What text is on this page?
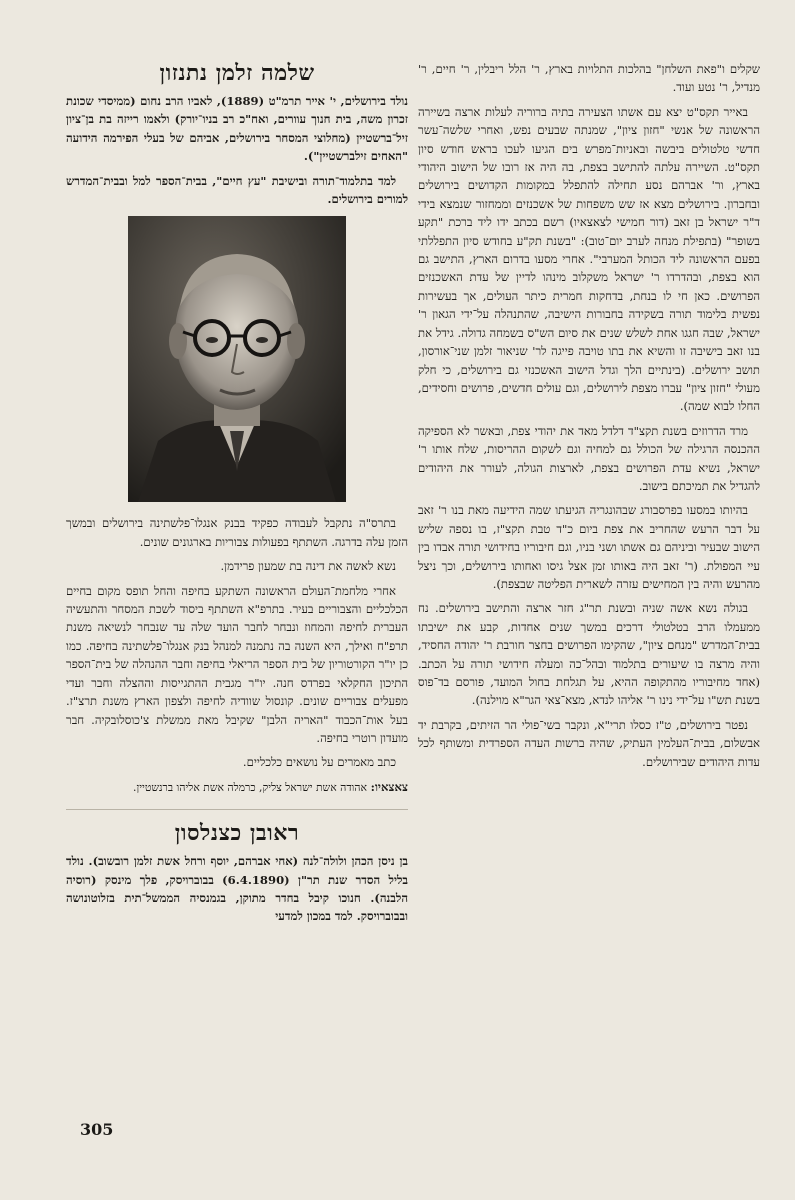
שקלים ו"פאת השלחן" בהלכות התלויות בארץ, ר' הלל ריבלין, ר' חיים, ר' מנדיל, ר' נטע ועוד.

באייר תקס"ט יצא עם אשתו הצעירה בתיה ברוריה לעלות ארצה בשיירה הראשונה של אנשי "חזון ציון", שמנתה שבעים נפש, ואחרי שלשה־עשר חדשי טלטולים ביבשה ובאניות־מפרש בים הגיעו לעכו בראש חודש סיון תקס"ט. השיירה עלתה להתישב בצפת, בה היה אז רובו של הישוב היהודי בארץ, ור' אברהם נסע תחילה להתפלל במקומות הקדושים בירושלים ובחברון. בירושלים מצא אז שש משפחות של אשכנזים וממחזור שנמצא בידי ד"ר ישראל בן זאב (דור חמישי לצאצאיו) רשם בכתב ידו ליד ברכת "תקע בשופר" (בתפילת מנחה לערב יום־טוב): "בשנת תק"ע בחודש סיון התפללתי בפעם הראשונה ליד הכותל המערבי". אחרי מסעו בדרום הארץ, התישב גם הוא בצפת, ובהדרדו ר' ישראל משקלוב מינהו לדיין של עדת האשכנזים הפרושים. כאן חי לו בנחת, בדחקות חמרית כיתר העולים, אך בעשירות נפשית בלימוד תורה בשקידה בחבורות הישיבה, שהתנהלה על־ידי הגאון ר' ישראל, שבה חגגו אחת לשלש שנים את סיום הש"ס בשמחה גדולה. גידל את בנו זאב בישיבה זו והשיא את בתו טויבה פייגה לר' שניאור זלמן שני־אורסון, תושב ירושלים. (בינתיים הלך וגדל הישוב האשכנזי גם בירושלים, כי חלק מעולי "חזון ציון" עברו מצפת לירושלים, וגם עולים חדשים, פרושים וחסידים, החלו לבוא שמה).

מרד הדרוזים בשנת תקצ"ד דלדל מאד את יהודי צפת, ובאשר לא הספיקה ההכנסה הרגילה של הכולל גם למחיה וגם לשקום ההריסות, שלח אותו ר' ישראל, נשיא עדת הפרושים בצפת, לארצות הגולה, לעורר את היהודים להגדיל את תמיכתם בישוב.

בהיותו במסעו בפרסבורג שבהונגריה הגיעתו שמה הידיעה מאת בנו ר' זאב על דבר הרעש שהחריב את צפת ביום כ"ד טבת תקצ"ז, בו נספה שליש הישוב שבעיר וביניהם גם אשתו ושני בניו, וגם חיבוריו בחידושי תורה אבדו בין עיי המפולת. (ר' זאב היה באותו זמן אצל גיסו ואחותו בירושלים, וכך ניצל מהרעש והיה בין המחישים עזרה לשארית הפליטה שבצפת).

בגולה נשא אשה שניה ובשנת תר"ג חזר ארצה והתישב בירושלים. נח ממעמלו הרב בטלטולי דרכים במשך שנים אחדות, קבע את ישיבתו בבית־המדרש "מנחם ציון", שהקימו הפרושים בחצר חורבת ר' יהודה החסיד, והיה מרצה בו שיעורים בתלמוד ובהל־כה ומעלה חידושי תורה על הכתב. (אחד מחיבוריו מהתקופה ההיא, על תגלחת בחול המועד, פורסם בד־פוס בשנת תש"ו על־ידי נינו ר' אליהו לנדא, מצא־צאי הגר"א מוילנה).

נפטר בירושלים, ט"ז כסלו תרי"א, ונקבר בשי־פולי הר הזיתים, בקרבת יד אבשלום, בבית־העלמין העתיק, שהיה ברשות העדה הספרדית ומשותף לכל עדות היהודים שבירושלים.

שלמה זלמן נתנזון

נולד בירושלים, י' אייר תרמ"ט (1889), לאביו הרב נחום (ממיסדי שכונת זכרון משה, בית חנוך עוורים, ואח"כ רב בניו־יורק) ולאמו רייזה בת בן־ציון זיל־ברשטיין (מחלוצי המסחר בירושלים, אביהם של בעלי הפירמה הידועה "האחים זילברשטיין").

למד בתלמוד־תורה ובישיבת "עץ חיים", בבית־הספר למל ובבית־המדרש למורים בירושלים.

בתרס"ה נתקבל לעבודה כפקיד בבנק אנגלו־פלשתינה בירושלים ובמשך הזמן עלה בדרגה. השתתף בפעולות צבוריות בארגונים שונים.

נשא לאשה את דינה בת שמעון פרידמן.

אחרי מלחמת־העולם הראשונה השתקע בחיפה והחל תופס מקום בחיים הכלכליים והצבוריים בעיר. בתרפ"א השתתף ביסוד לשכת המסחר והתעשיה העברית לחיפה והמחוז ונבחר לחבר הועד שלה עד שנבחר לנשיאה משנת תרפ"ח ואילך, היא השנה בה נתמנה למנהל בנק אנגלו־פלשתינה בחיפה. כמו כן יו"ר הקורטוריון של בית הספר הריאלי בחיפה וחבר ההנהלה של בית־הספר התיכון החקלאי בפרדס חנה. יו"ר מגבית ההתגייסות וההצלה וחבר ועדי מפעלים צבוריים שונים. קונסול שוודיה לחיפה ולצפון הארץ משנת תרצ"ז. בעל אות־הכבוד "האריה הלבן" שקיבל מאת ממשלת צ'כוסלובקיה. חבר מועדון רוטרי בחיפה.

כתב מאמרים על נושאים כלכליים.

צאצאיו: אהודה אשת ישראל צליק, כרמלה אשת אליהו ברנשטיין.

ראובן כצנלסון

בן ניסן הכהן ולולה־לנה (אחי אברהם, יוסף ורחל אשת זלמן רובשוב). נולד בליל הסדר שנת תר"ן (6.4.1890) בבוברויסק, פלך מינסק (רוסיה הלבנה). חנוכו קיבל בחדר מתוקן, בגמנסיה הממשל־תית בזלוטונושה ובבוברויסק. למד במכון למדעי

305
